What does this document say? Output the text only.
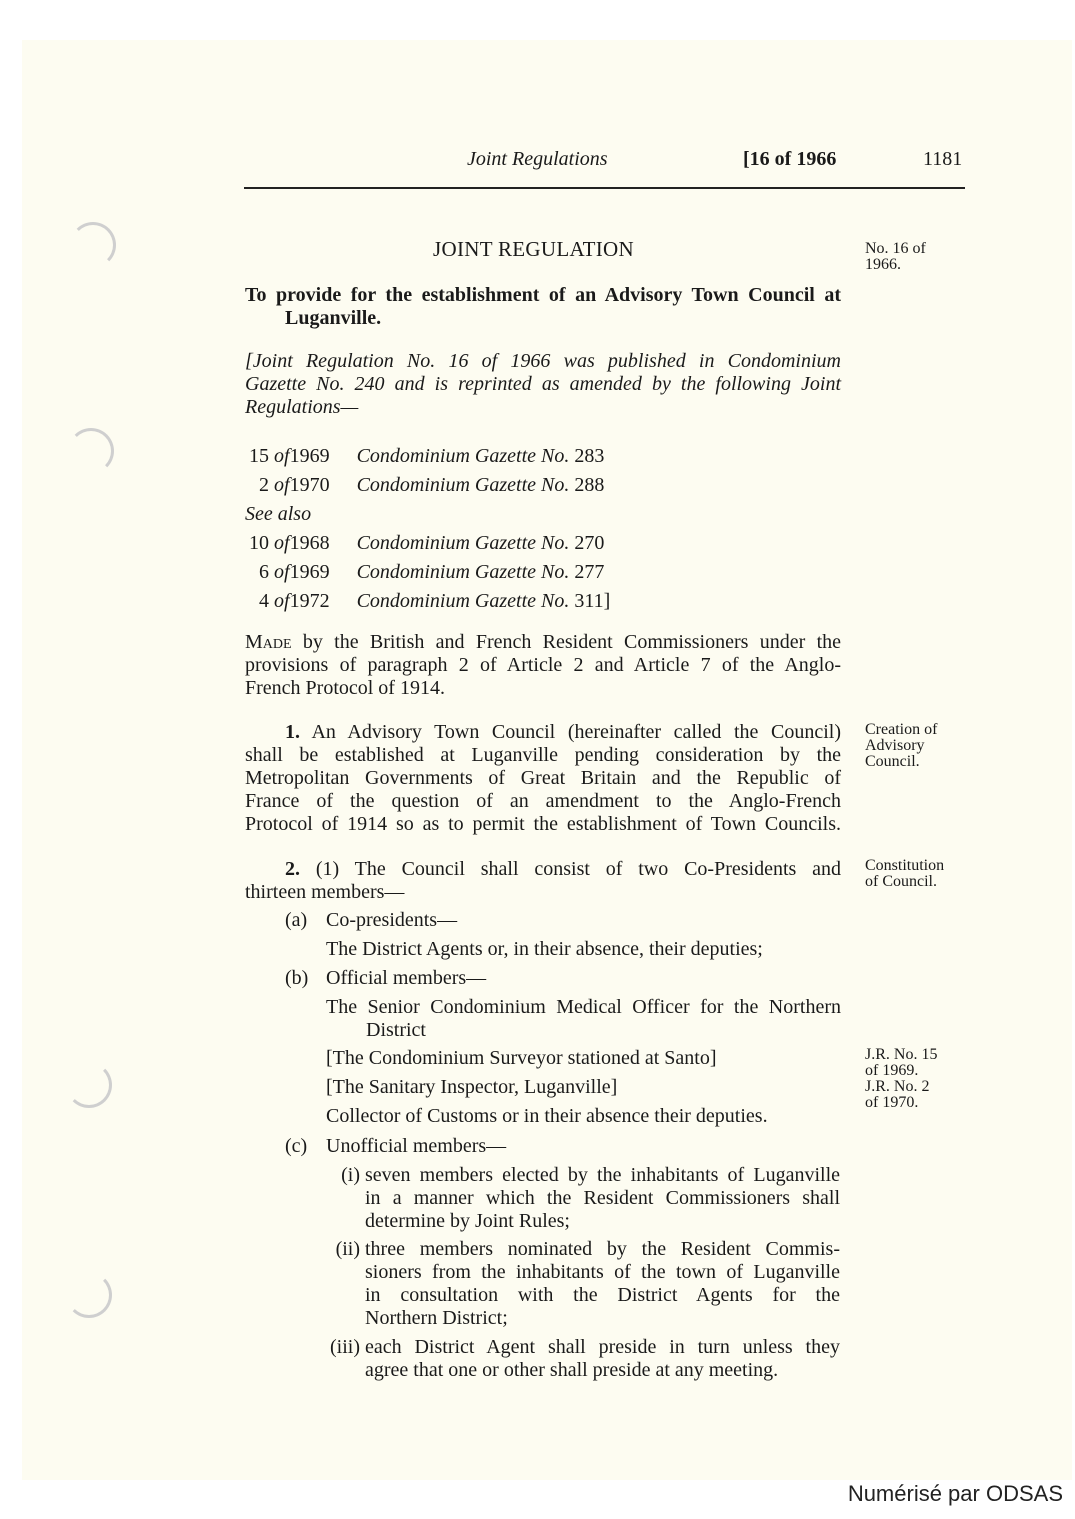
Joint Regulations	[16 of 1966	1181
JOINT REGULATION	No. 16 of
1966.
To provide for the establishment of an Advisory Town Council at
Luganville.
[Joint Regulation No. 16 of 1966 was published in Condominium
Gazette No. 240 and is reprinted as amended by the following Joint
Regulations—
15 of1969 Condominium Gazette No. 283
2 of1970 Condominium Gazette No. 288
See also
10 of1968 Condominium Gazette No. 270
6 of1969 Condominium Gazette No. 277
4 of1972 Condominium Gazette No. 311]
Made by the British and French Resident Commissioners under the
provisions of paragraph 2 of Article 2 and Article 7 of the Anglo-
French Protocol of 1914.
1. An Advisory Town Council (hereinafter called the Council)
shall be established at Luganville pending consideration by the
Metropolitan Governments of Great Britain and the Republic of
France of the question of an amendment to the Anglo-French
Protocol of 1914 so as to permit the establishment of Town Councils.
Creation of
Advisory
Council.
2. (1) The Council shall consist of two Co-Presidents and
thirteen members—
Constitution
of Council.
(a) Co-presidents—
The District Agents or, in their absence, their deputies;
(b) Official members—
The Senior Condominium Medical Officer for the Northern
District
[The Condominium Surveyor stationed at Santo]
[The Sanitary Inspector, Luganville]
Collector of Customs or in their absence their deputies.
J.R. No. 15
of 1969.
J.R. No. 2
of 1970.
(c) Unofficial members—
(i) seven members elected by the inhabitants of Luganville
in a manner which the Resident Commissioners shall
determine by Joint Rules;
(ii) three members nominated by the Resident Commis-
sioners from the inhabitants of the town of Luganville
in consultation with the District Agents for the
Northern District;
(iii) each District Agent shall preside in turn unless they
agree that one or other shall preside at any meeting.
Numérisé par ODSAS
